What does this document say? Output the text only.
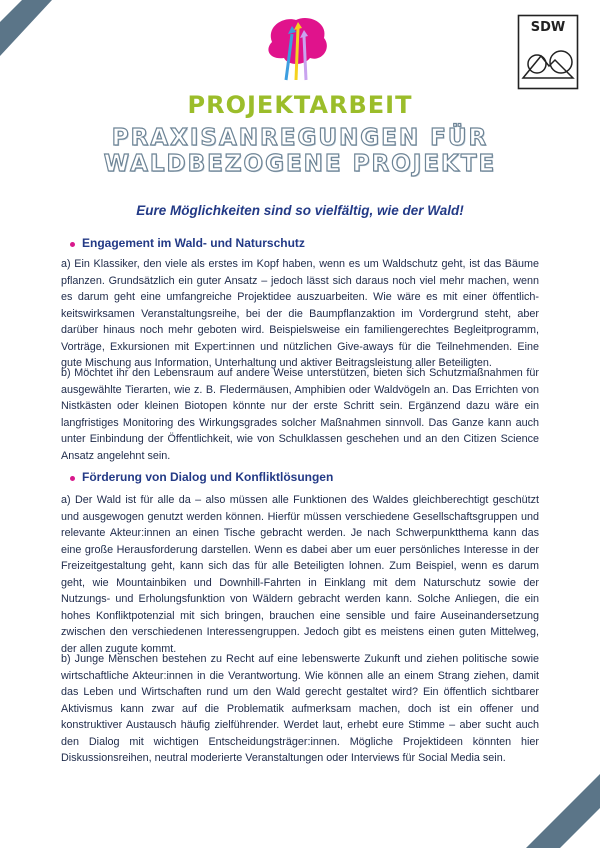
SDW
PROJEKTARBEIT
PRAXISANREGUNGEN FÜR
WALDBEZOGENE PROJEKTE
Eure Möglichkeiten sind so vielfältig, wie der Wald!
Engagement im Wald- und Naturschutz

a) Ein Klassiker, den viele als erstes im Kopf haben, wenn es um Waldschutz geht, ist das Bäume pflanzen. Grundsätzlich ein guter Ansatz – jedoch lässt sich daraus noch viel mehr machen, wenn es darum geht eine umfangreiche Projektidee auszuarbeiten. Wie wäre es mit einer öffentlichkeitswirksamen Veranstaltungsreihe, bei der die Baumpflanzaktion im Vordergrund steht, aber darüber hinaus noch mehr geboten wird. Beispielsweise ein familiengerechtes Begleitprogramm, Vorträge, Exkursionen mit Expert:innen und nützlichen Give-aways für die Teilnehmenden. Eine gute Mischung aus Information, Unterhaltung und aktiver Beitragsleistung aller Beteiligten.

b) Möchtet ihr den Lebensraum auf andere Weise unterstützen, bieten sich Schutzmaßnahmen für ausgewählte Tierarten, wie z. B. Fledermäusen, Amphibien oder Waldvögeln an. Das Errichten von Nistkästen oder kleinen Biotopen könnte nur der erste Schritt sein. Ergänzend dazu wäre ein langfristiges Monitoring des Wirkungsgrades solcher Maßnahmen sinnvoll. Das Ganze kann auch unter Einbindung der Öffentlichkeit, wie von Schulklassen geschehen und an den Citizen Science Ansatz angelehnt sein.

Förderung von Dialog und Konfliktlösungen

a) Der Wald ist für alle da – also müssen alle Funktionen des Waldes gleichberechtigt geschützt und ausgewogen genutzt werden können. Hierfür müssen verschiedene Gesellschaftsgruppen und relevante Akteur:innen an einen Tische gebracht werden. Je nach Schwerpunktthema kann das eine große Herausforderung darstellen. Wenn es dabei aber um euer persönliches Interesse in der Freizeitgestaltung geht, kann sich das für alle Beteiligten lohnen. Zum Beispiel, wenn es darum geht, wie Mountainbiken und Downhill-Fahrten in Einklang mit dem Naturschutz sowie der Nutzungs- und Erholungsfunktion von Wäldern gebracht werden kann. Solche Anliegen, die ein hohes Konfliktpotenzial mit sich bringen, brauchen eine sensible und faire Auseinandersetzung zwischen den verschiedenen Interessengruppen. Jedoch gibt es meistens einen guten Mittelweg, der allen zugute kommt.

b) Junge Menschen bestehen zu Recht auf eine lebenswerte Zukunft und ziehen politische sowie wirtschaftliche Akteur:innen in die Verantwortung. Wie können alle an einem Strang ziehen, damit das Leben und Wirtschaften rund um den Wald gerecht gestaltet wird? Ein öffentlich sichtbarer Aktivismus kann zwar auf die Problematik aufmerksam machen, doch ist ein offener und konstruktiver Austausch häufig zielführender. Werdet laut, erhebt eure Stimme – aber sucht auch den Dialog mit wichtigen Entscheidungsträger:innen. Mögliche Projektideen könnten hier Diskussionsreihen, neutral moderierte Veranstaltungen oder Interviews für Social Media sein.
